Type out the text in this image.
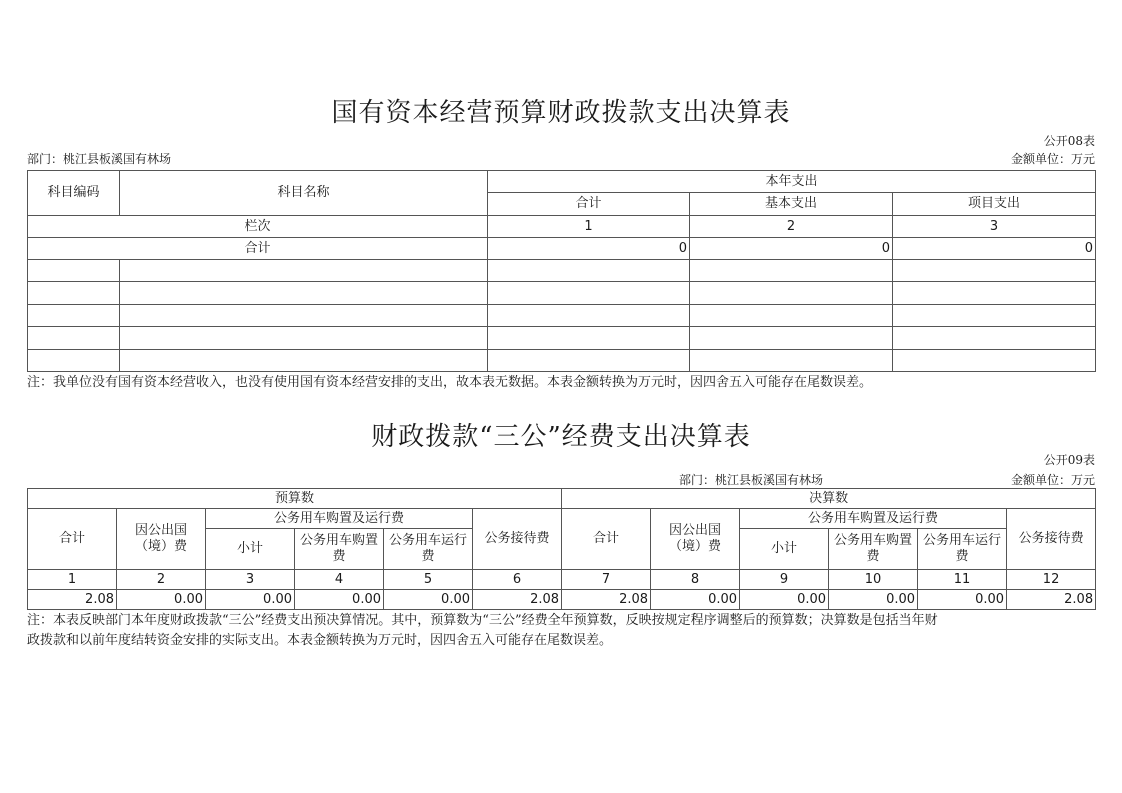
国有资本经营预算财政拨款支出决算表
公开08表
部门：桃江县板溪国有林场	金额单位：万元
科目编码	科目名称	本年支出		
		合计	基本支出	项目支出
栏次		1	2	3
合计		0	0	0

注：我单位没有国有资本经营收入，也没有使用国有资本经营安排的支出，故本表无数据。本表金额转换为万元时，因四舍五入可能存在尾数误差。
财政拨款“三公”经费支出决算表
公开09表
部门：桃江县板溪国有林场	金额单位：万元
预算数						决算数					
合计	因公出国（境）费	公务用车购置及运行费			公务接待费	合计	因公出国（境）费	公务用车购置及运行费			公务接待费
		小计	公务用车购置费	公务用车运行费				小计	公务用车购置费	公务用车运行费	
1	2	3	4	5	6	7	8	9	10	11	12
2.08	0.00	0.00	0.00	0.00	2.08	2.08	0.00	0.00	0.00	0.00	2.08
注：本表反映部门本年度财政拨款“三公”经费支出预决算情况。其中，预算数为“三公”经费全年预算数，反映按规定程序调整后的预算数；决算数是包括当年财
政拨款和以前年度结转资金安排的实际支出。本表金额转换为万元时，因四舍五入可能存在尾数误差。
